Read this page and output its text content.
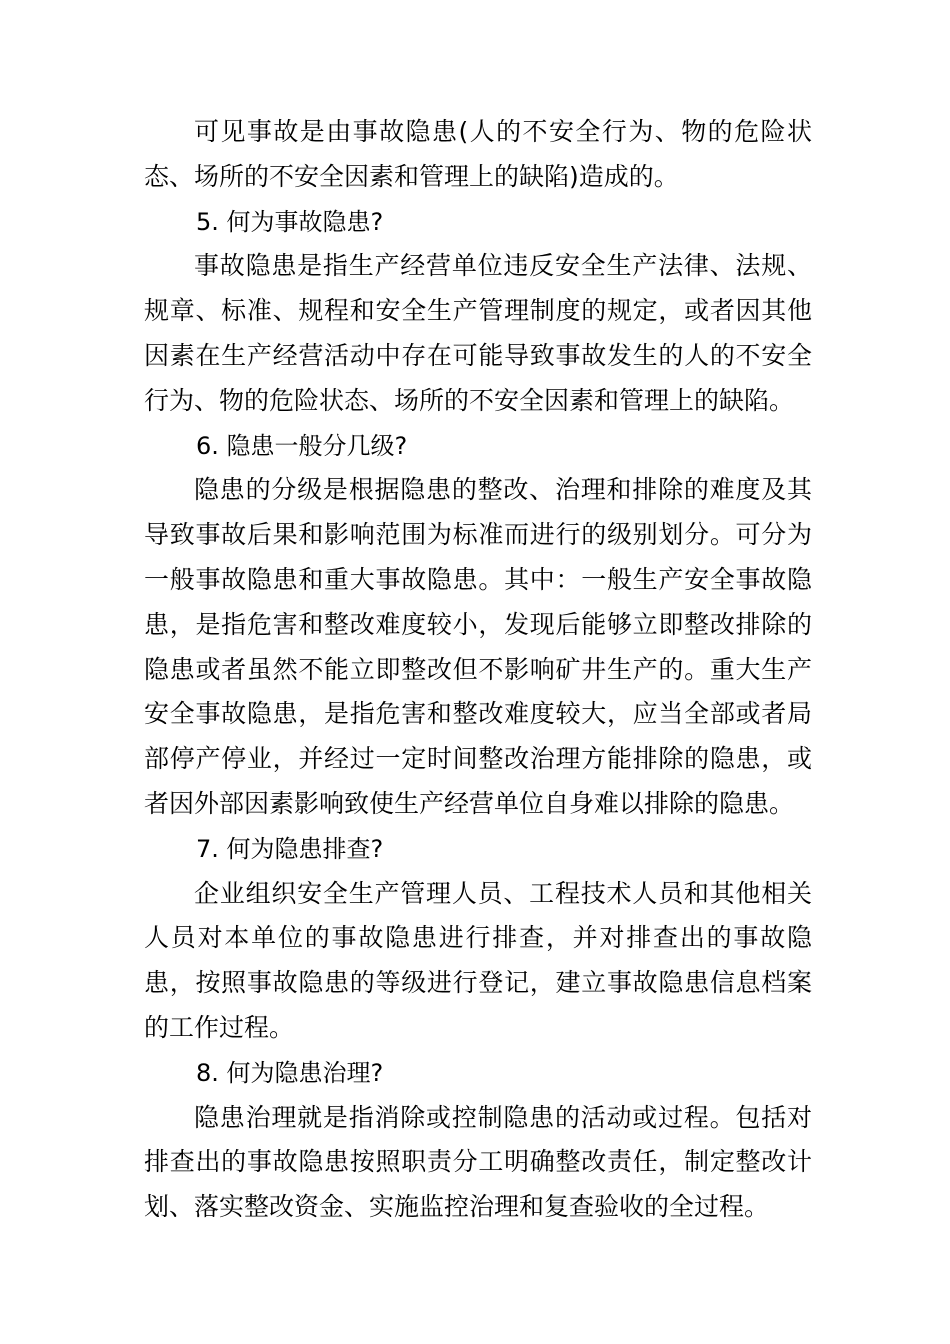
可见事故是由事故隐患(人的不安全行为、物的危险状态、场所的不安全因素和管理上的缺陷)造成的。

5. 何为事故隐患?

事故隐患是指生产经营单位违反安全生产法律、法规、规章、标准、规程和安全生产管理制度的规定，或者因其他因素在生产经营活动中存在可能导致事故发生的人的不安全行为、物的危险状态、场所的不安全因素和管理上的缺陷。

6. 隐患一般分几级?

隐患的分级是根据隐患的整改、治理和排除的难度及其导致事故后果和影响范围为标准而进行的级别划分。可分为一般事故隐患和重大事故隐患。其中：一般生产安全事故隐患，是指危害和整改难度较小，发现后能够立即整改排除的隐患或者虽然不能立即整改但不影响矿井生产的。重大生产安全事故隐患，是指危害和整改难度较大，应当全部或者局部停产停业，并经过一定时间整改治理方能排除的隐患，或者因外部因素影响致使生产经营单位自身难以排除的隐患。

7. 何为隐患排查?

企业组织安全生产管理人员、工程技术人员和其他相关人员对本单位的事故隐患进行排查，并对排查出的事故隐患，按照事故隐患的等级进行登记，建立事故隐患信息档案的工作过程。

8. 何为隐患治理?

隐患治理就是指消除或控制隐患的活动或过程。包括对排查出的事故隐患按照职责分工明确整改责任，制定整改计划、落实整改资金、实施监控治理和复查验收的全过程。
